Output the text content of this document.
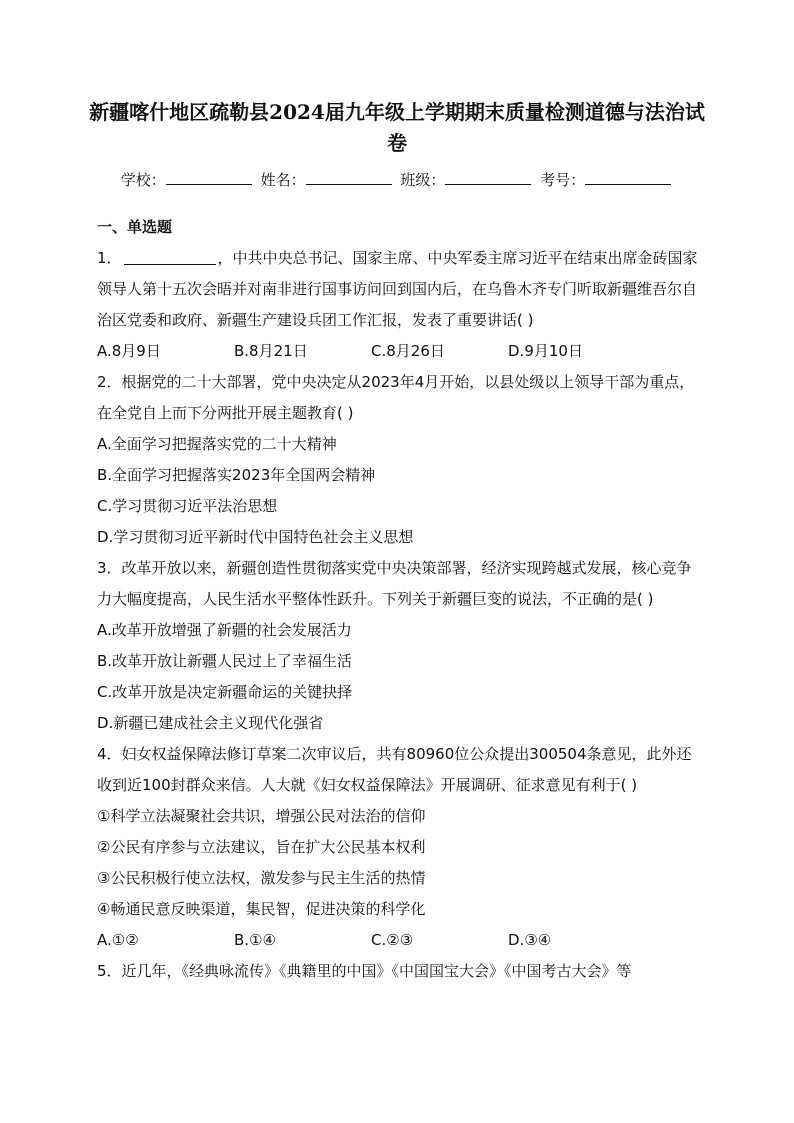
新疆喀什地区疏勒县2024届九年级上学期期末质量检测道德与法治试卷
学校：	姓名：	班级：	考号：
一、单选题

1．	，中共中央总书记、国家主席、中央军委主席习近平在结束出席金砖国家领导人第十五次会晤并对南非进行国事访问回到国内后，在乌鲁木齐专门听取新疆维吾尔自治区党委和政府、新疆生产建设兵团工作汇报，发表了重要讲话( )

A.8月9日	B.8月21日	C.8月26日	D.9月10日

2．根据党的二十大部署，党中央决定从2023年4月开始，以县处级以上领导干部为重点，在全党自上而下分两批开展主题教育( )

A.全面学习把握落实党的二十大精神
B.全面学习把握落实2023年全国两会精神
C.学习贯彻习近平法治思想
D.学习贯彻习近平新时代中国特色社会主义思想

3．改革开放以来，新疆创造性贯彻落实党中央决策部署，经济实现跨越式发展，核心竞争力大幅度提高，人民生活水平整体性跃升。下列关于新疆巨变的说法，不正确的是( )

A.改革开放增强了新疆的社会发展活力
B.改革开放让新疆人民过上了幸福生活
C.改革开放是决定新疆命运的关键抉择
D.新疆已建成社会主义现代化强省

4．妇女权益保障法修订草案二次审议后，共有80960位公众提出300504条意见，此外还收到近100封群众来信。人大就《妇女权益保障法》开展调研、征求意见有利于( )

①科学立法凝聚社会共识，增强公民对法治的信仰
②公民有序参与立法建议，旨在扩大公民基本权利
③公民积极行使立法权，激发参与民主生活的热情
④畅通民意反映渠道，集民智，促进决策的科学化
A.①②	B.①④	C.②③	D.③④

5．近几年，《经典咏流传》《典籍里的中国》《中国国宝大会》《中国考古大会》等
